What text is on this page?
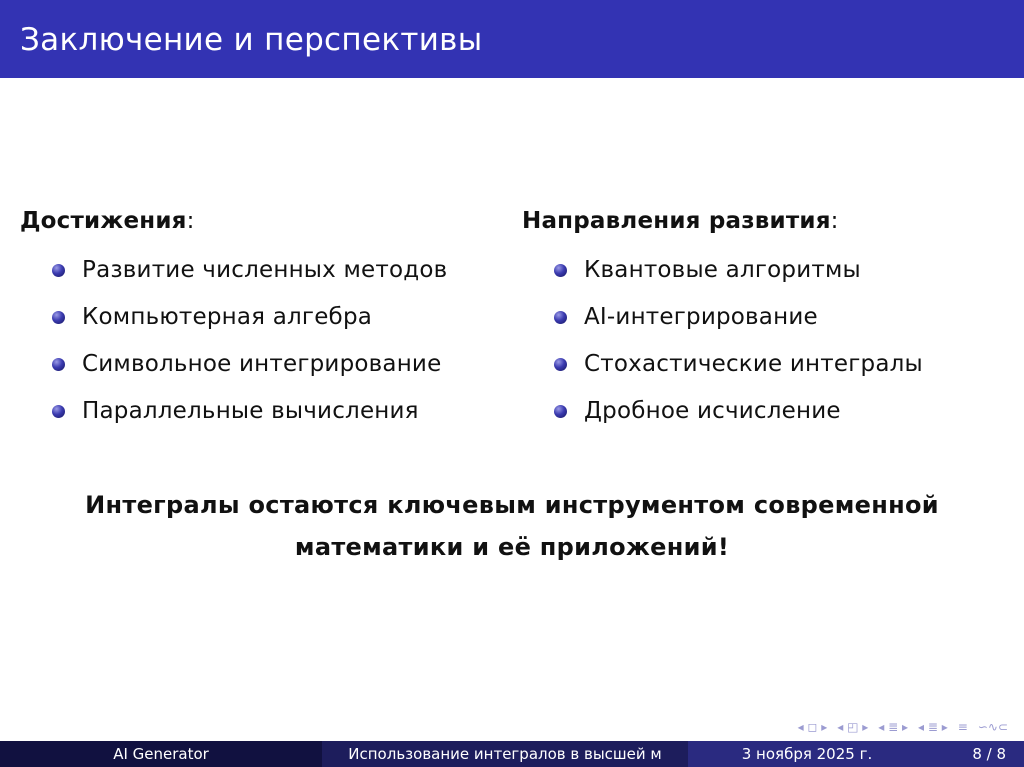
Заключение и перспективы
Достижения:
Развитие численных методов
Компьютерная алгебра
Символьное интегрирование
Параллельные вычисления
Направления развития:
Квантовые алгоритмы
AI-интегрирование
Стохастические интегралы
Дробное исчисление
Интегралы остаются ключевым инструментом современной
математики и её приложений!
◂ ◻ ▸ ◂ ◰ ▸ ◂ ≣ ▸ ◂ ≣ ▸ ≡ ∽∿⊂
AI Generator	Использование интегралов в высшей м	3 ноября 2025 г.	8 / 8
